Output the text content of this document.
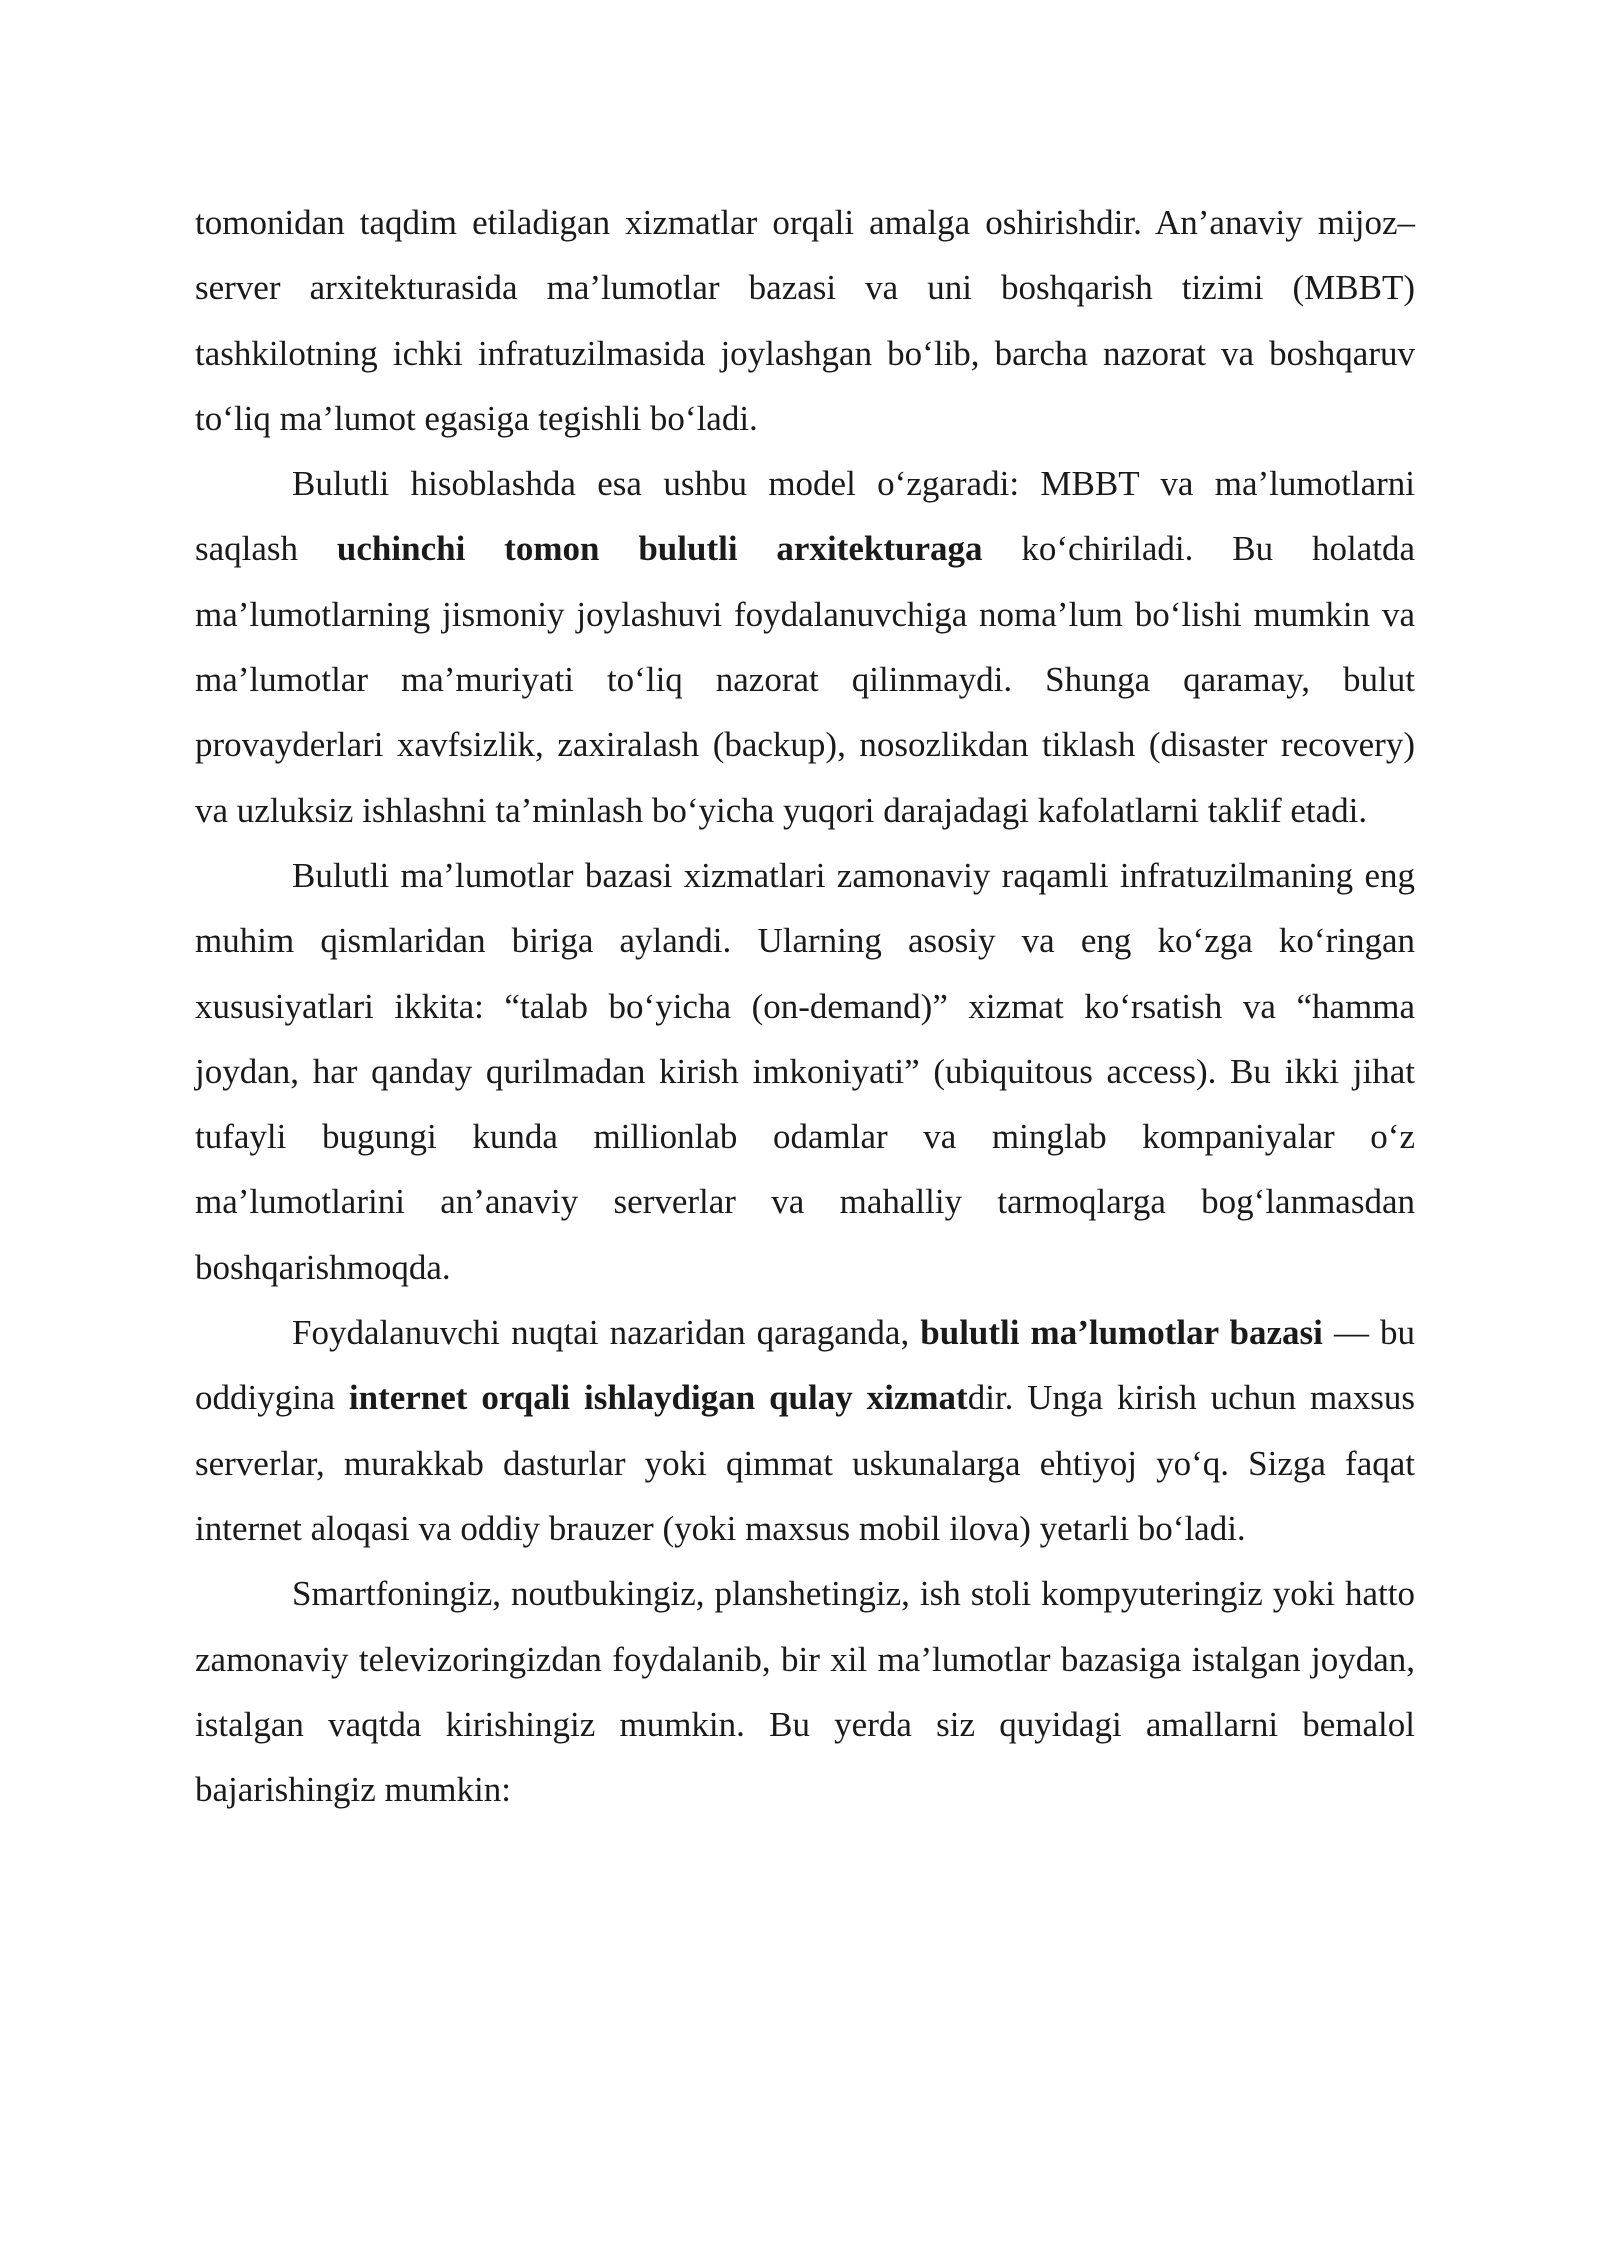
tomonidan taqdim etiladigan xizmatlar orqali amalga oshirishdir. An’anaviy mijoz–server arxitekturasida ma’lumotlar bazasi va uni boshqarish tizimi (MBBT) tashkilotning ichki infratuzilmasida joylashgan bo‘lib, barcha nazorat va boshqaruv to‘liq ma’lumot egasiga tegishli bo‘ladi.

Bulutli hisoblashda esa ushbu model o‘zgaradi: MBBT va ma’lumotlarni saqlash uchinchi tomon bulutli arxitekturaga ko‘chiriladi. Bu holatda ma’lumotlarning jismoniy joylashuvi foydalanuvchiga noma’lum bo‘lishi mumkin va ma’lumotlar ma’muriyati to‘liq nazorat qilinmaydi. Shunga qaramay, bulut provayderlari xavfsizlik, zaxiralash (backup), nosozlikdan tiklash (disaster recovery) va uzluksiz ishlashni ta’minlash bo‘yicha yuqori darajadagi kafolatlarni taklif etadi.

Bulutli ma’lumotlar bazasi xizmatlari zamonaviy raqamli infratuzilmaning eng muhim qismlaridan biriga aylandi. Ularning asosiy va eng ko‘zga ko‘ringan xususiyatlari ikkita: “talab bo‘yicha (on-demand)” xizmat ko‘rsatish va “hamma joydan, har qanday qurilmadan kirish imkoniyati” (ubiquitous access). Bu ikki jihat tufayli bugungi kunda millionlab odamlar va minglab kompaniyalar o‘z ma’lumotlarini an’anaviy serverlar va mahalliy tarmoqlarga bog‘lanmasdan boshqarishmoqda.

Foydalanuvchi nuqtai nazaridan qaraganda, bulutli ma’lumotlar bazasi — bu oddiygina internet orqali ishlaydigan qulay xizmatdir. Unga kirish uchun maxsus serverlar, murakkab dasturlar yoki qimmat uskunalarga ehtiyoj yo‘q. Sizga faqat internet aloqasi va oddiy brauzer (yoki maxsus mobil ilova) yetarli bo‘ladi.

Smartfoningiz, noutbukingiz, planshetingiz, ish stoli kompyuteringiz yoki hatto zamonaviy televizoringizdan foydalanib, bir xil ma’lumotlar bazasiga istalgan joydan, istalgan vaqtda kirishingiz mumkin. Bu yerda siz quyidagi amallarni bemalol bajarishingiz mumkin:
